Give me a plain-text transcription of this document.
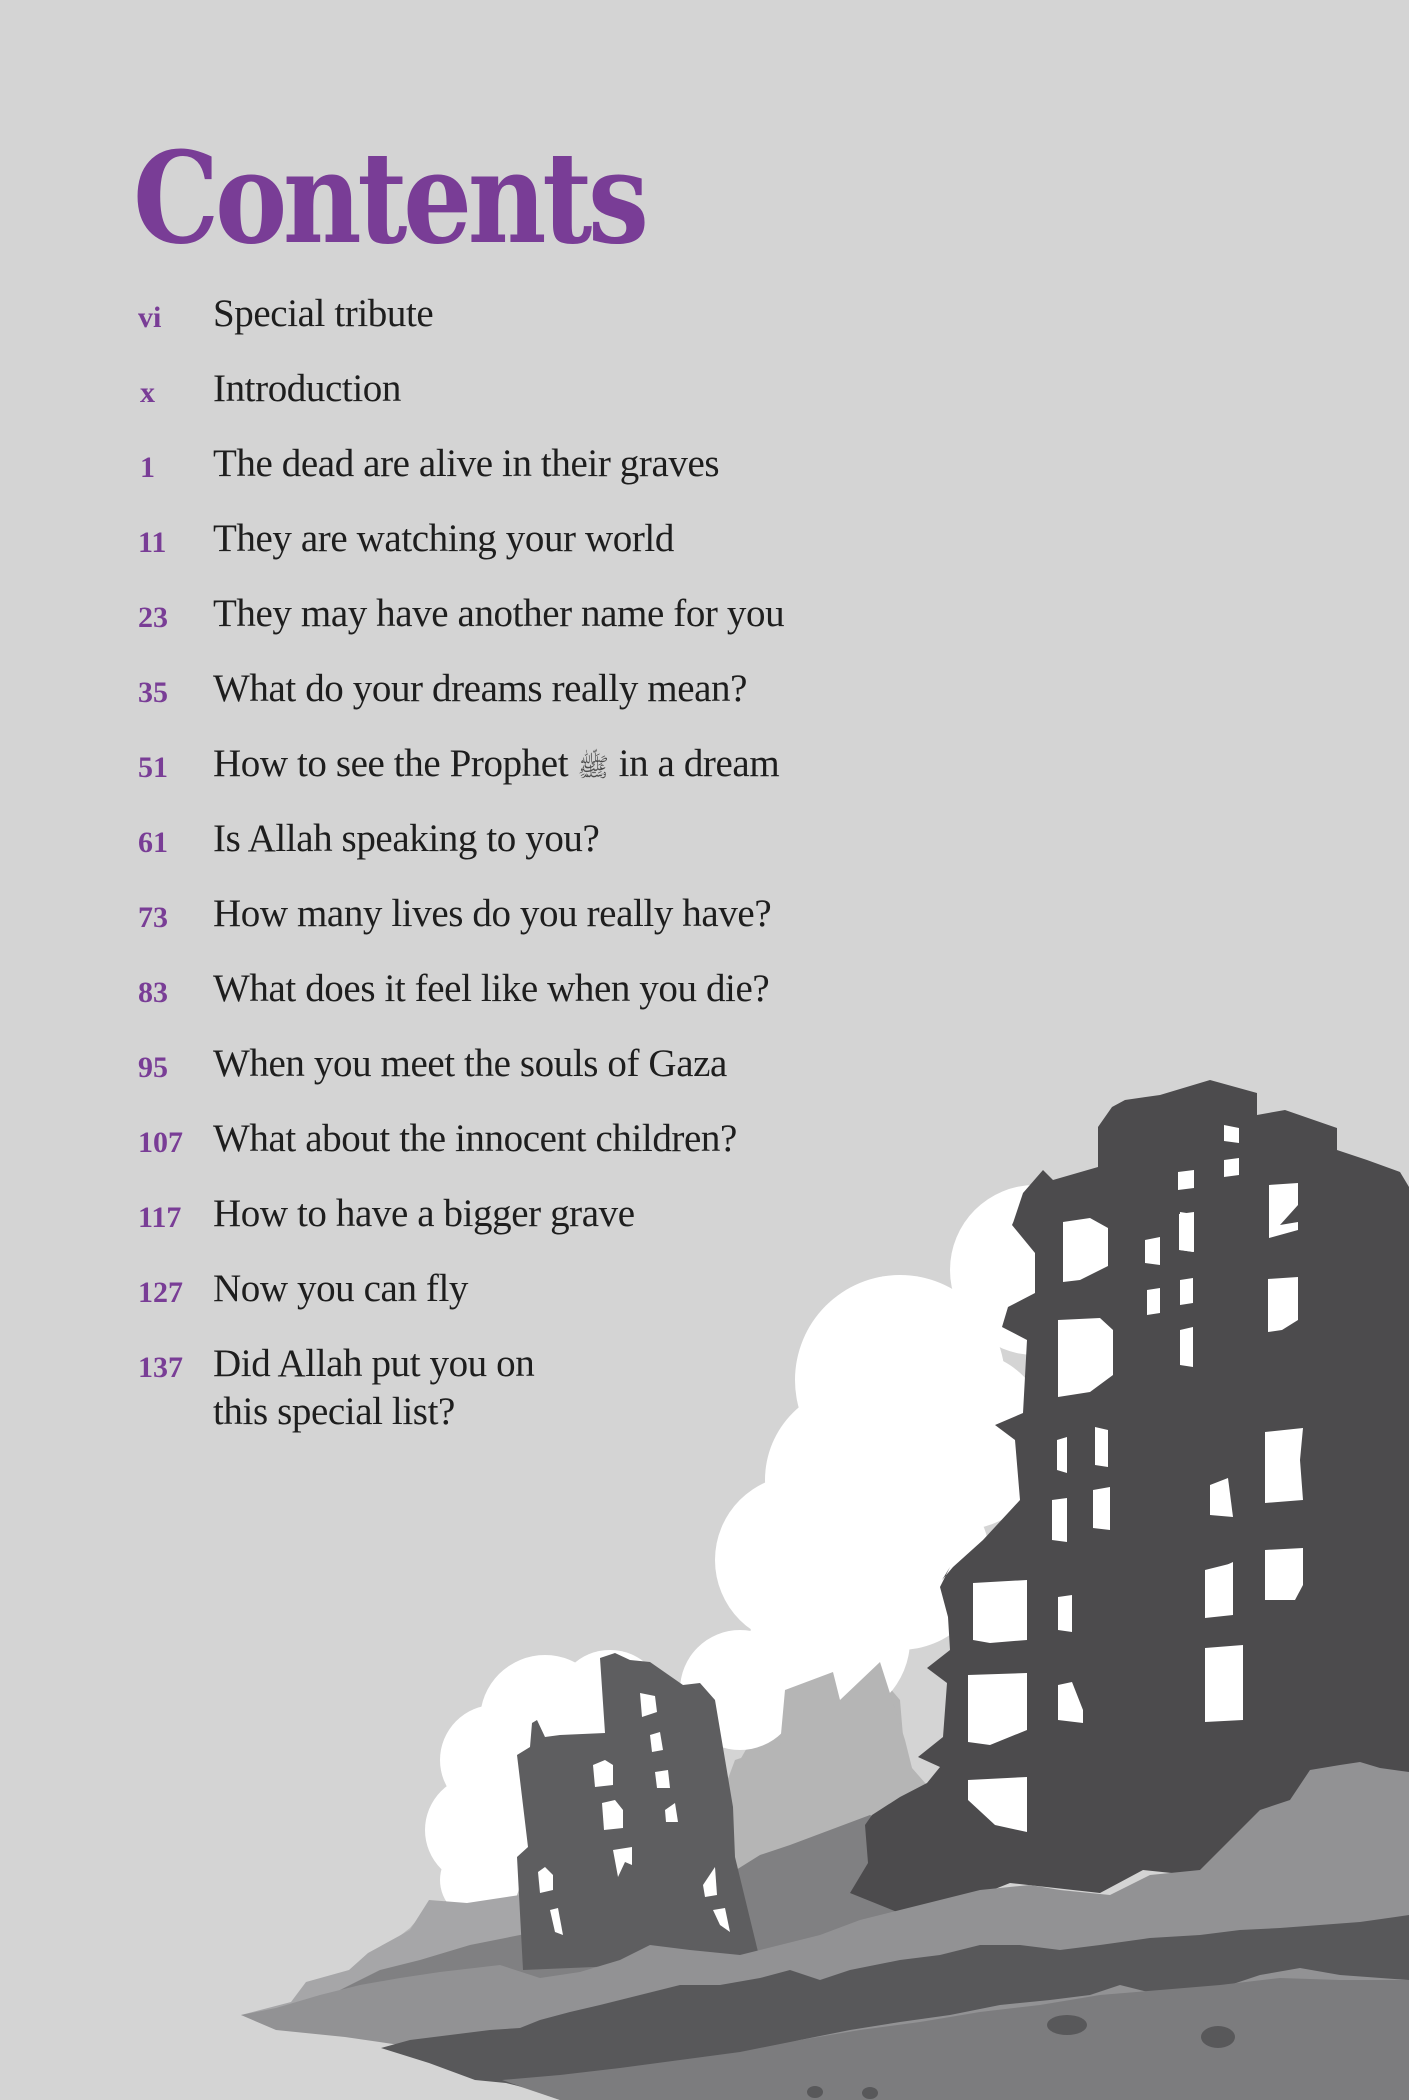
Contents
vi	Special tribute
x	Introduction
1	The dead are alive in their graves
11	They are watching your world
23	They may have another name for you
35	What do your dreams really mean?
51	How to see the Prophet ﷺ in a dream
61	Is Allah speaking to you?
73	How many lives do you really have?
83	What does it feel like when you die?
95	When you meet the souls of Gaza
107 What about the innocent children?
117 How to have a bigger grave
127 Now you can fly
137 Did Allah put you on
this special list?
